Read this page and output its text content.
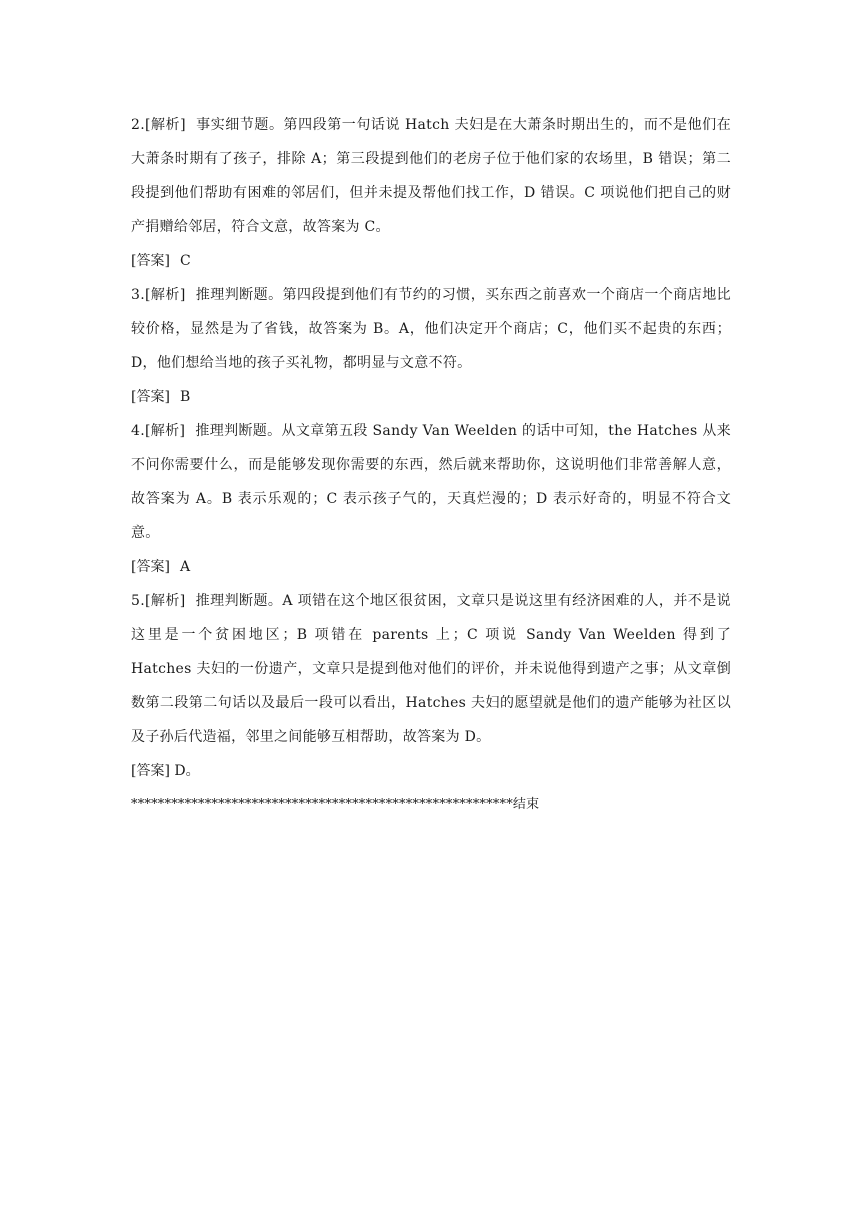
2.[解析] 事实细节题。第四段第一句话说 Hatch 夫妇是在大萧条时期出生的，而不是他们在大萧条时期有了孩子，排除 A；第三段提到他们的老房子位于他们家的农场里，B 错误；第二段提到他们帮助有困难的邻居们，但并未提及帮他们找工作，D 错误。C 项说他们把自己的财产捐赠给邻居，符合文意，故答案为 C。

[答案] C

3.[解析] 推理判断题。第四段提到他们有节约的习惯，买东西之前喜欢一个商店一个商店地比较价格，显然是为了省钱，故答案为 B。A，他们决定开个商店；C，他们买不起贵的东西；D，他们想给当地的孩子买礼物，都明显与文意不符。

[答案] B

4.[解析] 推理判断题。从文章第五段 Sandy Van Weelden 的话中可知，the Hatches 从来不问你需要什么，而是能够发现你需要的东西，然后就来帮助你，这说明他们非常善解人意，故答案为 A。B 表示乐观的；C 表示孩子气的，天真烂漫的；D 表示好奇的，明显不符合文意。

[答案] A

5.[解析] 推理判断题。A 项错在这个地区很贫困，文章只是说这里有经济困难的人，并不是说这里是一个贫困地区；B 项错在 parents 上；C 项说 Sandy Van Weelden 得到了 Hatches 夫妇的一份遗产，文章只是提到他对他们的评价，并未说他得到遗产之事；从文章倒数第二段第二句话以及最后一段可以看出，Hatches 夫妇的愿望就是他们的遗产能够为社区以及子孙后代造福，邻里之间能够互相帮助，故答案为 D。

[答案] D。

*********************************************************结束
